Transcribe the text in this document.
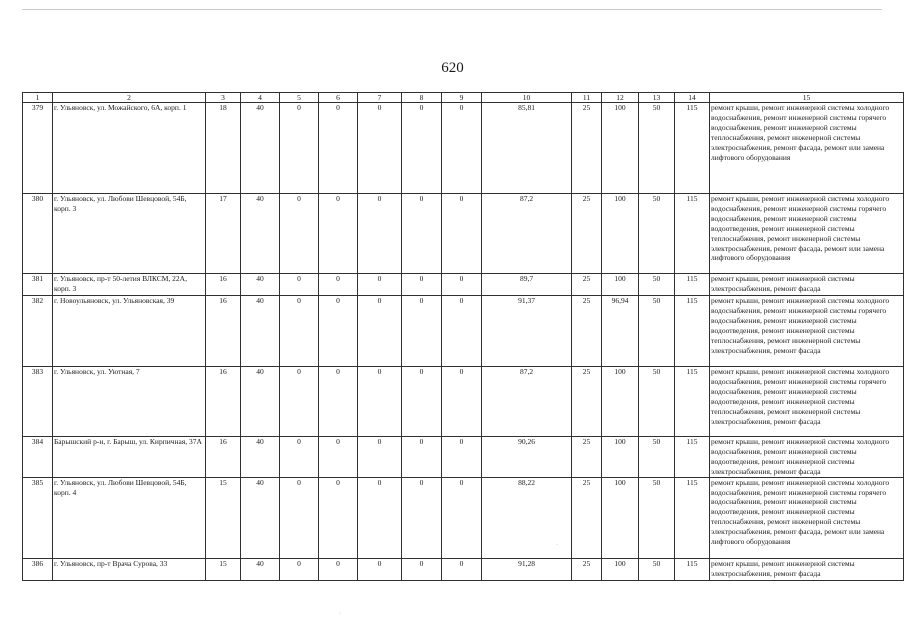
620
1	2	3	4	5	6	7	8	9	10	11	12	13	14	15
379	г. Ульяновск, ул. Можайского, 6А, корп. 1	18	40	0	0	0	0	0	85,81	25	100	50	115	ремонт крыши, ремонт инженерной системы холодного водоснабжения, ремонт инженерной системы горячего водоснабжения, ремонт инженерной системы теплоснабжения, ремонт инженерной системы электроснабжения, ремонт фасада, ремонт или замена лифтового оборудования
380	г. Ульяновск, ул. Любови Шевцовой, 54Б, корп. 3	17	40	0	0	0	0	0	87,2	25	100	50	115	ремонт крыши, ремонт инженерной системы холодного водоснабжения, ремонт инженерной системы горячего водоснабжения, ремонт инженерной системы водоотведения, ремонт инженерной системы теплоснабжения, ремонт инженерной системы электроснабжения, ремонт фасада, ремонт или замена лифтового оборудования
381	г. Ульяновск, пр-т 50-летия ВЛКСМ, 22А, корп. 3	16	40	0	0	0	0	0	89,7	25	100	50	115	ремонт крыши, ремонт инженерной системы электроснабжения, ремонт фасада
382	г. Новоульяновск, ул. Ульяновская, 39	16	40	0	0	0	0	0	91,37	25	96,94	50	115	ремонт крыши, ремонт инженерной системы холодного водоснабжения, ремонт инженерной системы горячего водоснабжения, ремонт инженерной системы водоотведения, ремонт инженерной системы теплоснабжения, ремонт инженерной системы электроснабжения, ремонт фасада
383	г. Ульяновск, ул. Уютная, 7	16	40	0	0	0	0	0	87,2	25	100	50	115	ремонт крыши, ремонт инженерной системы холодного водоснабжения, ремонт инженерной системы горячего водоснабжения, ремонт инженерной системы водоотведения, ремонт инженерной системы теплоснабжения, ремонт инженерной системы электроснабжения, ремонт фасада
384	Барышский р-н, г. Барыш, ул. Кирпичная, 37А	16	40	0	0	0	0	0	90,26	25	100	50	115	ремонт крыши, ремонт инженерной системы холодного водоснабжения, ремонт инженерной системы водоотведения, ремонт инженерной системы электроснабжения, ремонт фасада
385	г. Ульяновск, ул. Любови Шевцовой, 54Б, корп. 4	15	40	0	0	0	0	0	88,22	25	100	50	115	ремонт крыши, ремонт инженерной системы холодного водоснабжения, ремонт инженерной системы горячего водоснабжения, ремонт инженерной системы водоотведения, ремонт инженерной системы теплоснабжения, ремонт инженерной системы электроснабжения, ремонт фасада, ремонт или замена лифтового оборудования
386	г. Ульяновск, пр-т Врача Сурова, 33	15	40	0	0	0	0	0	91,28	25	100	50	115	ремонт крыши, ремонт инженерной системы электроснабжения, ремонт фасада
·
·
